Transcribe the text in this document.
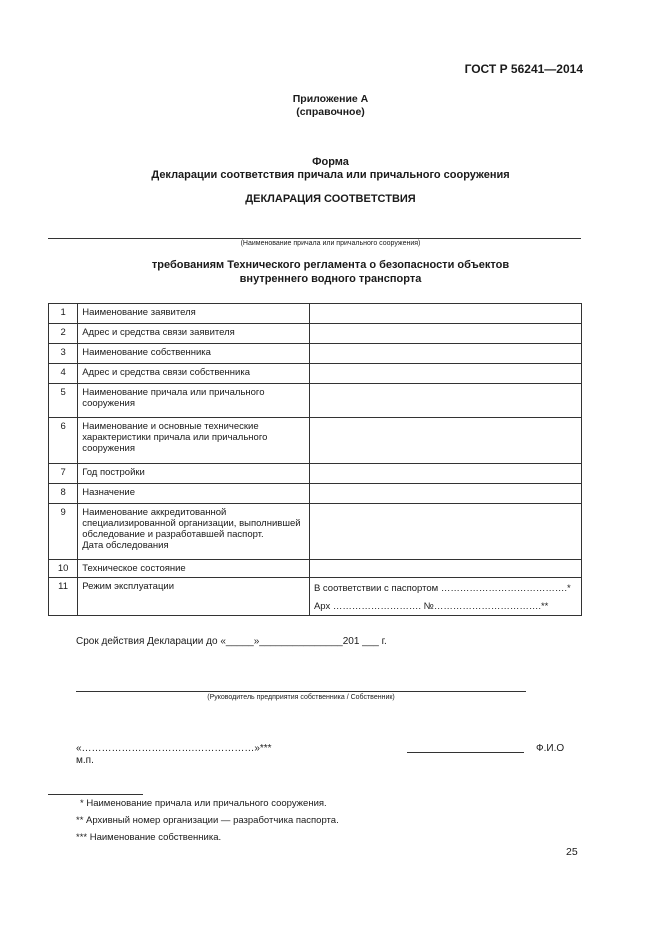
ГОСТ Р 56241—2014
Приложение А
(справочное)
Форма
Декларации соответствия причала или причального сооружения
ДЕКЛАРАЦИЯ СООТВЕТСТВИЯ
(Наименование причала или причального сооружения)
требованиям Технического регламента о безопасности объектов
внутреннего водного транспорта
1	Наименование заявителя	
2	Адрес и средства связи заявителя	
3	Наименование собственника	
4	Адрес и средства связи собственника	
5	Наименование причала или причального сооружения	
6	Наименование и основные технические характеристики причала или причального сооружения	
7	Год постройки	
8	Назначение	
9	Наименование аккредитованной специализированной организации, выполнившей обследование и разработавшей паспорт.
Дата обследования	

10	Техническое состояние	
11	Режим эксплуатации	В соответствии с паспортом ………………………………….*
Арх ………………………. №…………………………….**
Срок действия Декларации до «_____»_______________201 ___ г.
(Руководитель предприятия собственника / Собственник)
«…………………………….………………»***
м.п.
Ф.И.О
* Наименование причала или причального сооружения.
** Архивный номер организации — разработчика паспорта.
*** Наименование собственника.
25
